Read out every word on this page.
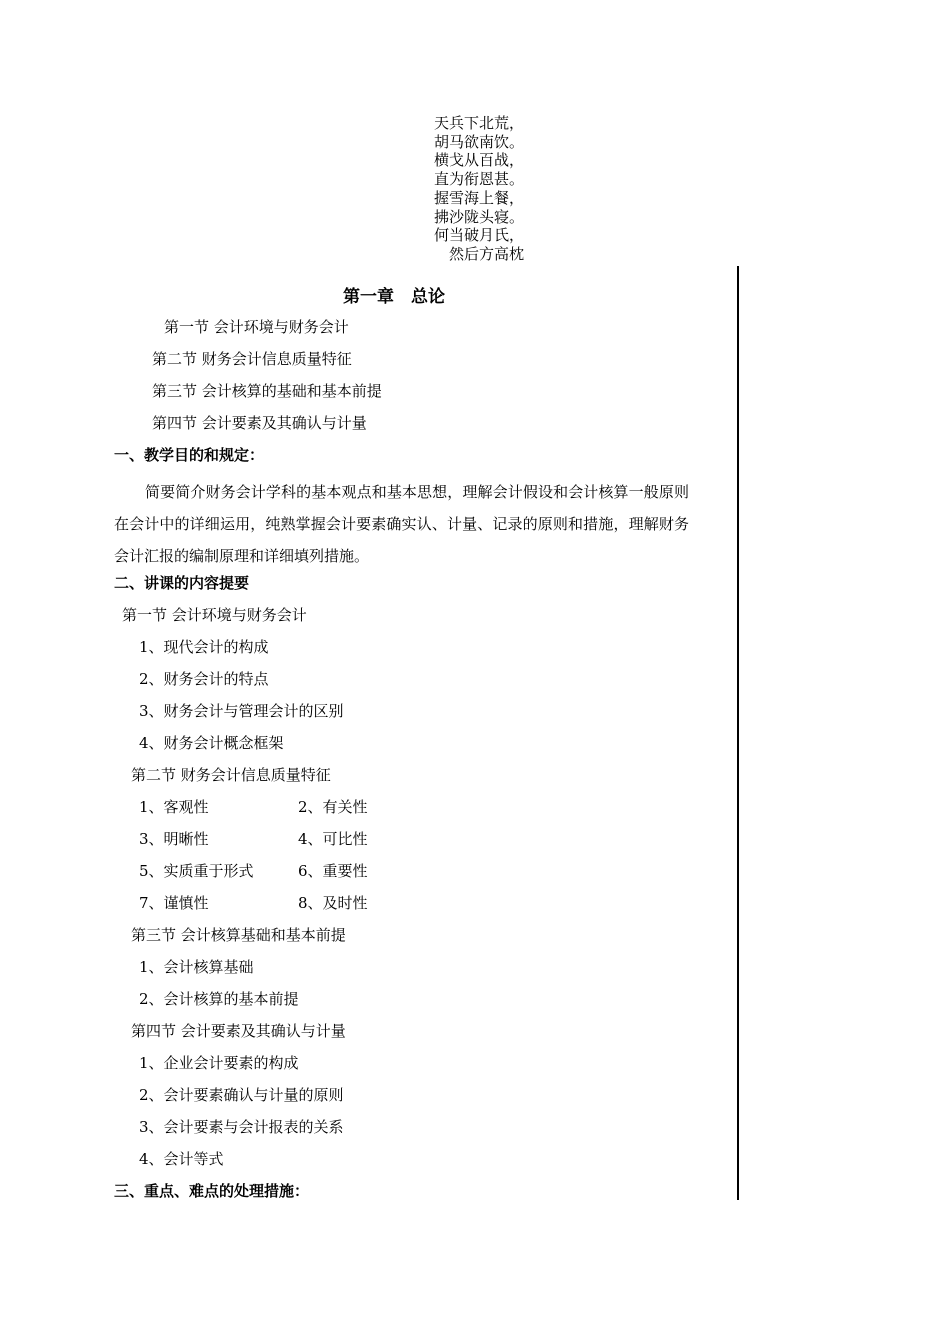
天兵下北荒，
胡马欲南饮。
横戈从百战，
直为衔恩甚。
握雪海上餐，
拂沙陇头寝。
何当破月氏，
然后方高枕
第一章　总论
第一节 会计环境与财务会计
第二节 财务会计信息质量特征
第三节 会计核算的基础和基本前提
第四节 会计要素及其确认与计量
一、教学目的和规定：
简要简介财务会计学科的基本观点和基本思想，理解会计假设和会计核算一般原则在会计中的详细运用，纯熟掌握会计要素确实认、计量、记录的原则和措施，理解财务会计汇报的编制原理和详细填列措施。
二、讲课的内容提要
第一节 会计环境与财务会计
1、现代会计的构成
2、财务会计的特点
3、财务会计与管理会计的区别
4、财务会计概念框架
第二节 财务会计信息质量特征
1、客观性	2、有关性
3、明晰性	4、可比性
5、实质重于形式	6、重要性
7、谨慎性	8、及时性
第三节 会计核算基础和基本前提
1、会计核算基础
2、会计核算的基本前提
第四节 会计要素及其确认与计量
1、企业会计要素的构成
2、会计要素确认与计量的原则
3、会计要素与会计报表的关系
4、会计等式
三、重点、难点的处理措施：
